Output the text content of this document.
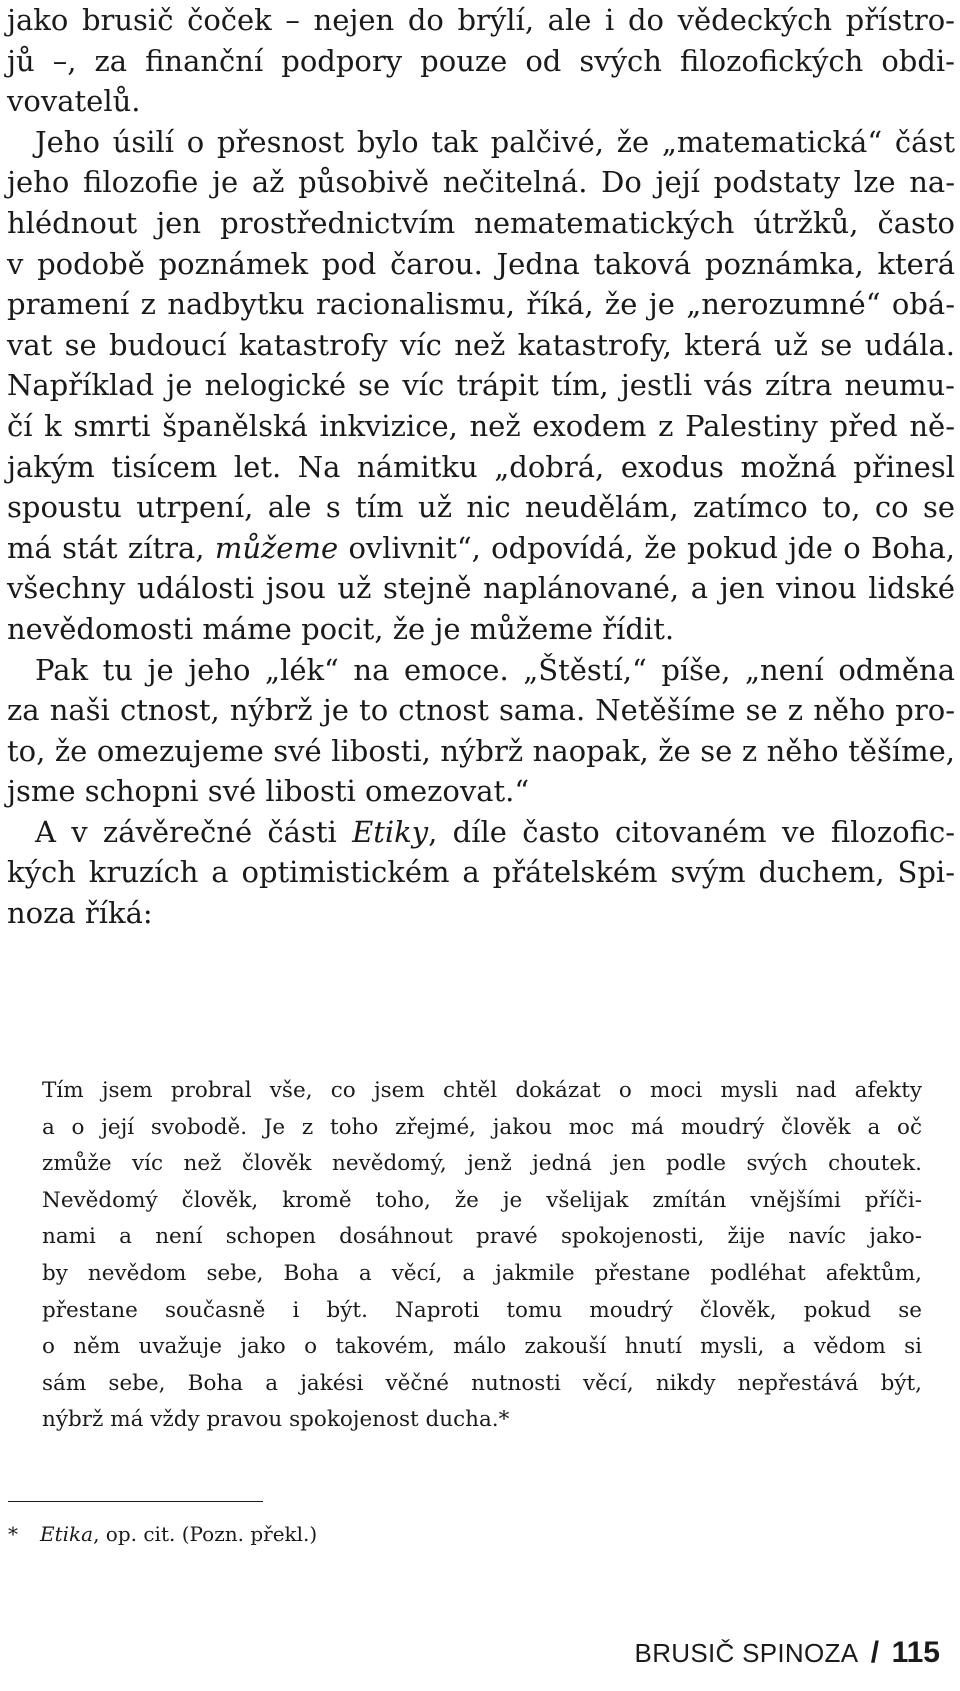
jako brusič čoček – nejen do brýlí, ale i do vědeckých přístro-
jů –, za finanční podpory pouze od svých filozofických obdi-
vovatelů.
Jeho úsilí o přesnost bylo tak palčivé, že „matematická“ část
jeho filozofie je až působivě nečitelná. Do její podstaty lze na-
hlédnout jen prostřednictvím nematematických útržků, často
v podobě poznámek pod čarou. Jedna taková poznámka, která
pramení z nadbytku racionalismu, říká, že je „nerozumné“ obá-
vat se budoucí katastrofy víc než katastrofy, která už se udála.
Například je nelogické se víc trápit tím, jestli vás zítra neumu-
čí k smrti španělská inkvizice, než exodem z Palestiny před ně-
jakým tisícem let. Na námitku „dobrá, exodus možná přinesl
spoustu utrpení, ale s tím už nic neudělám, zatímco to, co se
má stát zítra, můžeme ovlivnit“, odpovídá, že pokud jde o Boha,
všechny události jsou už stejně naplánované, a jen vinou lidské
nevědomosti máme pocit, že je můžeme řídit.
Pak tu je jeho „lék“ na emoce. „Štěstí,“ píše, „není odměna
za naši ctnost, nýbrž je to ctnost sama. Netěšíme se z něho pro-
to, že omezujeme své libosti, nýbrž naopak, že se z něho těšíme,
jsme schopni své libosti omezovat.“
A v závěrečné části Etiky, díle často citovaném ve filozofic-
kých kruzích a optimistickém a přátelském svým duchem, Spi-
noza říká:
Tím jsem probral vše, co jsem chtěl dokázat o moci mysli nad afekty
a o její svobodě. Je z toho zřejmé, jakou moc má moudrý člověk a oč
zmůže víc než člověk nevědomý, jenž jedná jen podle svých choutek.
Nevědomý člověk, kromě toho, že je všelijak zmítán vnějšími příči-
nami a není schopen dosáhnout pravé spokojenosti, žije navíc jako-
by nevědom sebe, Boha a věcí, a jakmile přestane podléhat afektům,
přestane současně i být. Naproti tomu moudrý člověk, pokud se
o něm uvažuje jako o takovém, málo zakouší hnutí mysli, a vědom si
sám sebe, Boha a jakési věčné nutnosti věcí, nikdy nepřestává být,
nýbrž má vždy pravou spokojenost ducha.*
* Etika, op. cit. (Pozn. překl.)
BRUSIČ SPINOZA / 115
